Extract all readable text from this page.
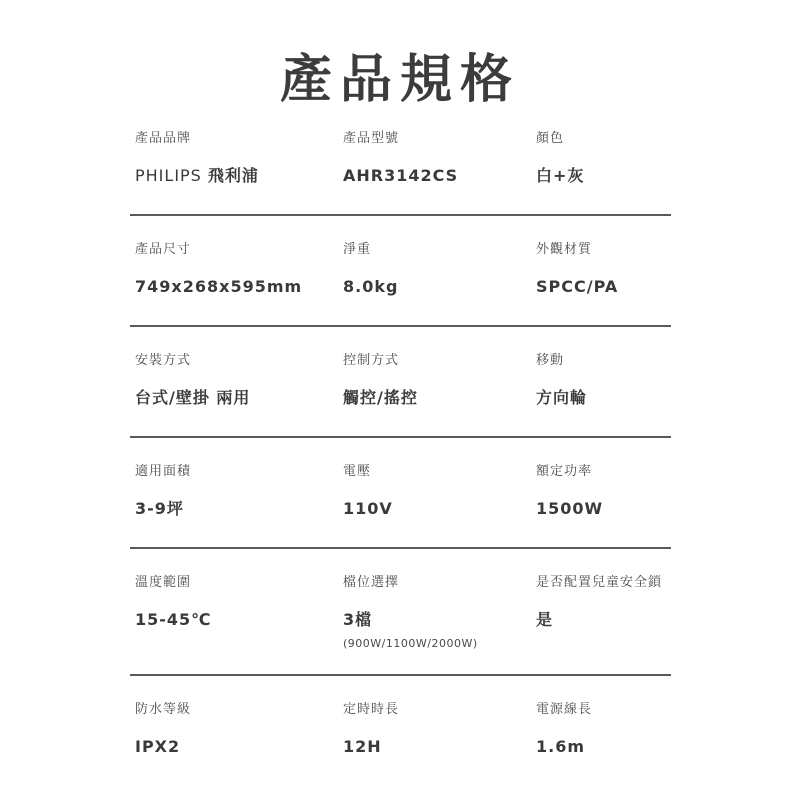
產品規格
產品品牌
PHILIPS 飛利浦
產品型號
AHR3142CS
顏色
白+灰
產品尺寸
749x268x595mm
淨重
8.0kg
外觀材質
SPCC/PA
安裝方式
台式/壁掛 兩用
控制方式
觸控/搖控
移動
方向輪
適用面積
3-9坪
電壓
110V
額定功率
1500W
溫度範圍
15-45℃
檔位選擇
3檔
(900W/1100W/2000W)
是否配置兒童安全鎖
是
防水等級
IPX2
定時時長
12H
電源線長
1.6m
